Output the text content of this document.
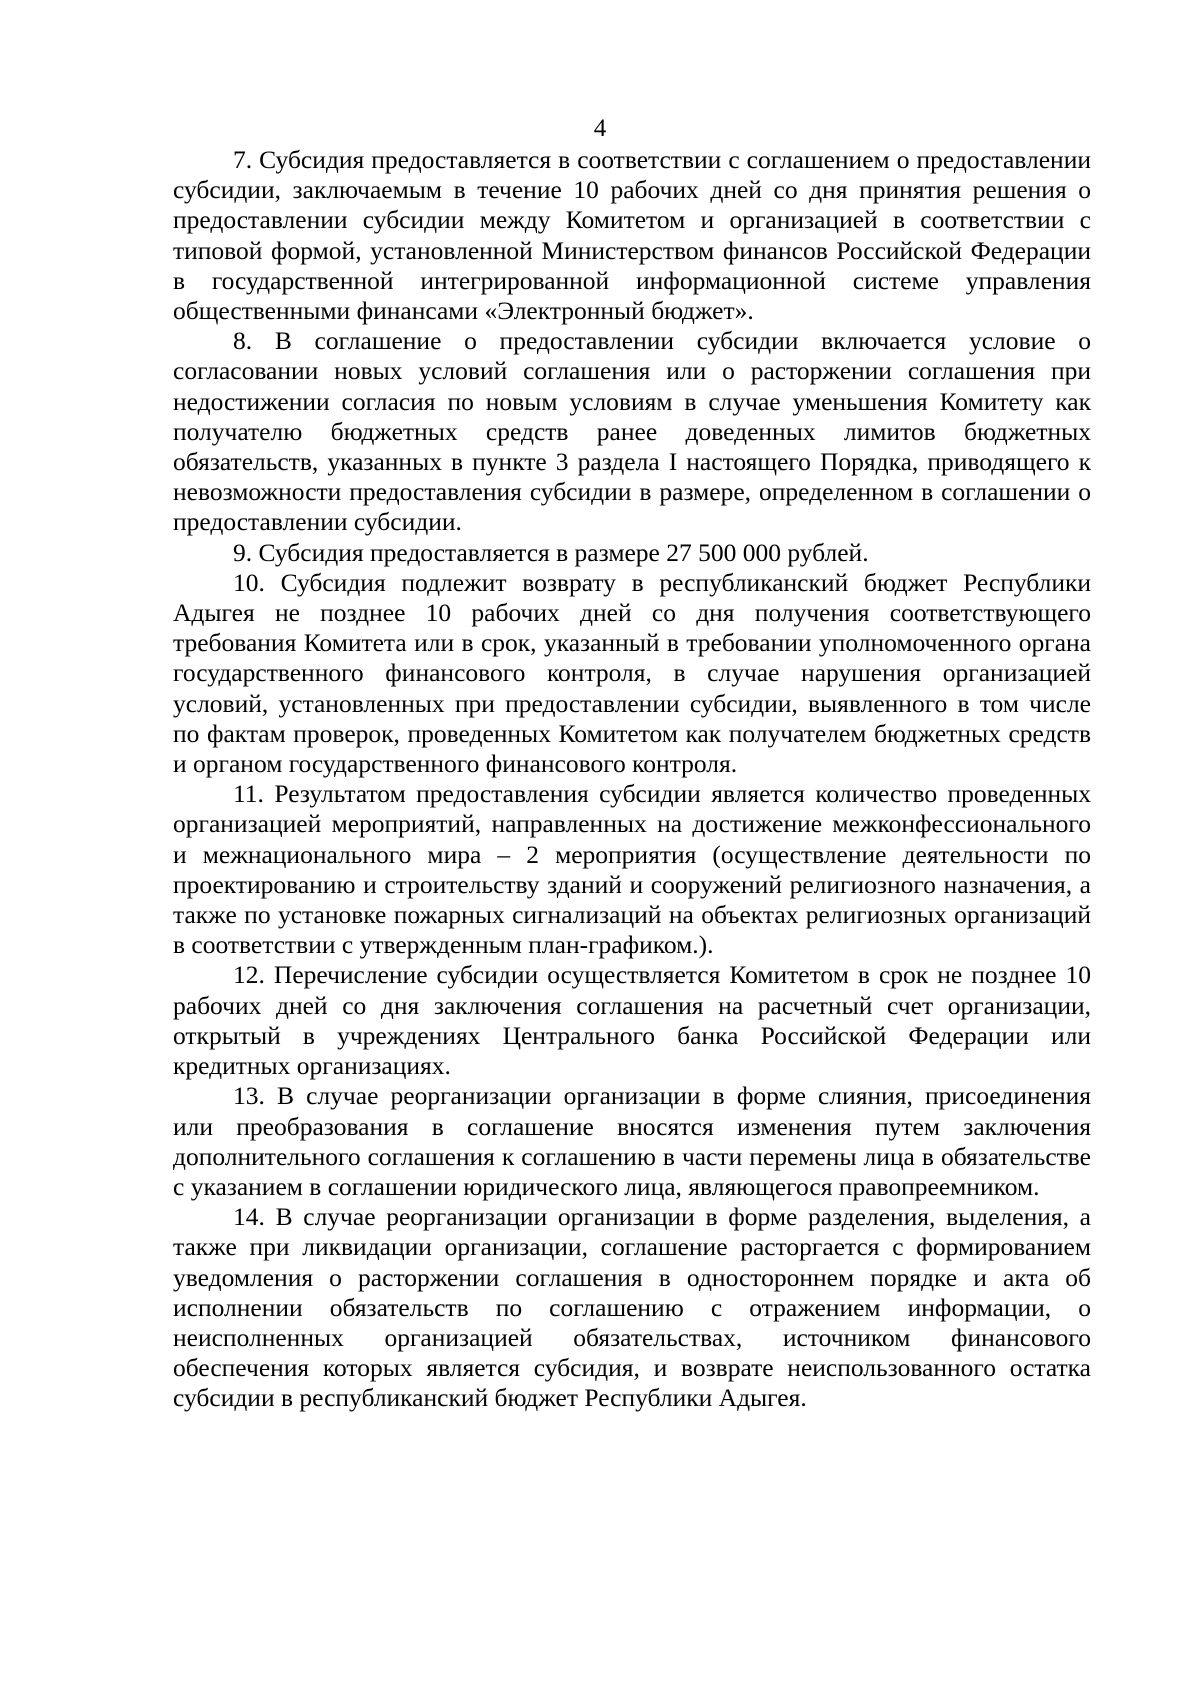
4

7. Субсидия предоставляется в соответствии с соглашением о предоставлении субсидии, заключаемым в течение 10 рабочих дней со дня принятия решения о предоставлении субсидии между Комитетом и организацией в соответствии с типовой формой, установленной Министерством финансов Российской Федерации в государственной интегрированной информационной системе управления общественными финансами «Электронный бюджет».

8. В соглашение о предоставлении субсидии включается условие о согласовании новых условий соглашения или о расторжении соглашения при недостижении согласия по новым условиям в случае уменьшения Комитету как получателю бюджетных средств ранее доведенных лимитов бюджетных обязательств, указанных в пункте 3 раздела I настоящего Порядка, приводящего к невозможности предоставления субсидии в размере, определенном в соглашении о предоставлении субсидии.

9. Субсидия предоставляется в размере 27 500 000 рублей.

10. Субсидия подлежит возврату в республиканский бюджет Республики Адыгея не позднее 10 рабочих дней со дня получения соответствующего требования Комитета или в срок, указанный в требовании уполномоченного органа государственного финансового контроля, в случае нарушения организацией условий, установленных при предоставлении субсидии, выявленного в том числе по фактам проверок, проведенных Комитетом как получателем бюджетных средств и органом государственного финансового контроля.

11. Результатом предоставления субсидии является количество проведенных организацией мероприятий, направленных на достижение межконфессионального и межнационального мира – 2 мероприятия (осуществление деятельности по проектированию и строительству зданий и сооружений религиозного назначения, а также по установке пожарных сигнализаций на объектах религиозных организаций в соответствии с утвержденным план-графиком.).

12. Перечисление субсидии осуществляется Комитетом в срок не позднее 10 рабочих дней со дня заключения соглашения на расчетный счет организации, открытый в учреждениях Центрального банка Российской Федерации или кредитных организациях.

13. В случае реорганизации организации в форме слияния, присоединения или преобразования в соглашение вносятся изменения путем заключения дополнительного соглашения к соглашению в части перемены лица в обязательстве с указанием в соглашении юридического лица, являющегося правопреемником.

14. В случае реорганизации организации в форме разделения, выделения, а также при ликвидации организации, соглашение расторгается с формированием уведомления о расторжении соглашения в одностороннем порядке и акта об исполнении обязательств по соглашению с отражением информации, о неисполненных организацией обязательствах, источником финансового обеспечения которых является субсидия, и возврате неиспользованного остатка субсидии в республиканский бюджет Республики Адыгея.
